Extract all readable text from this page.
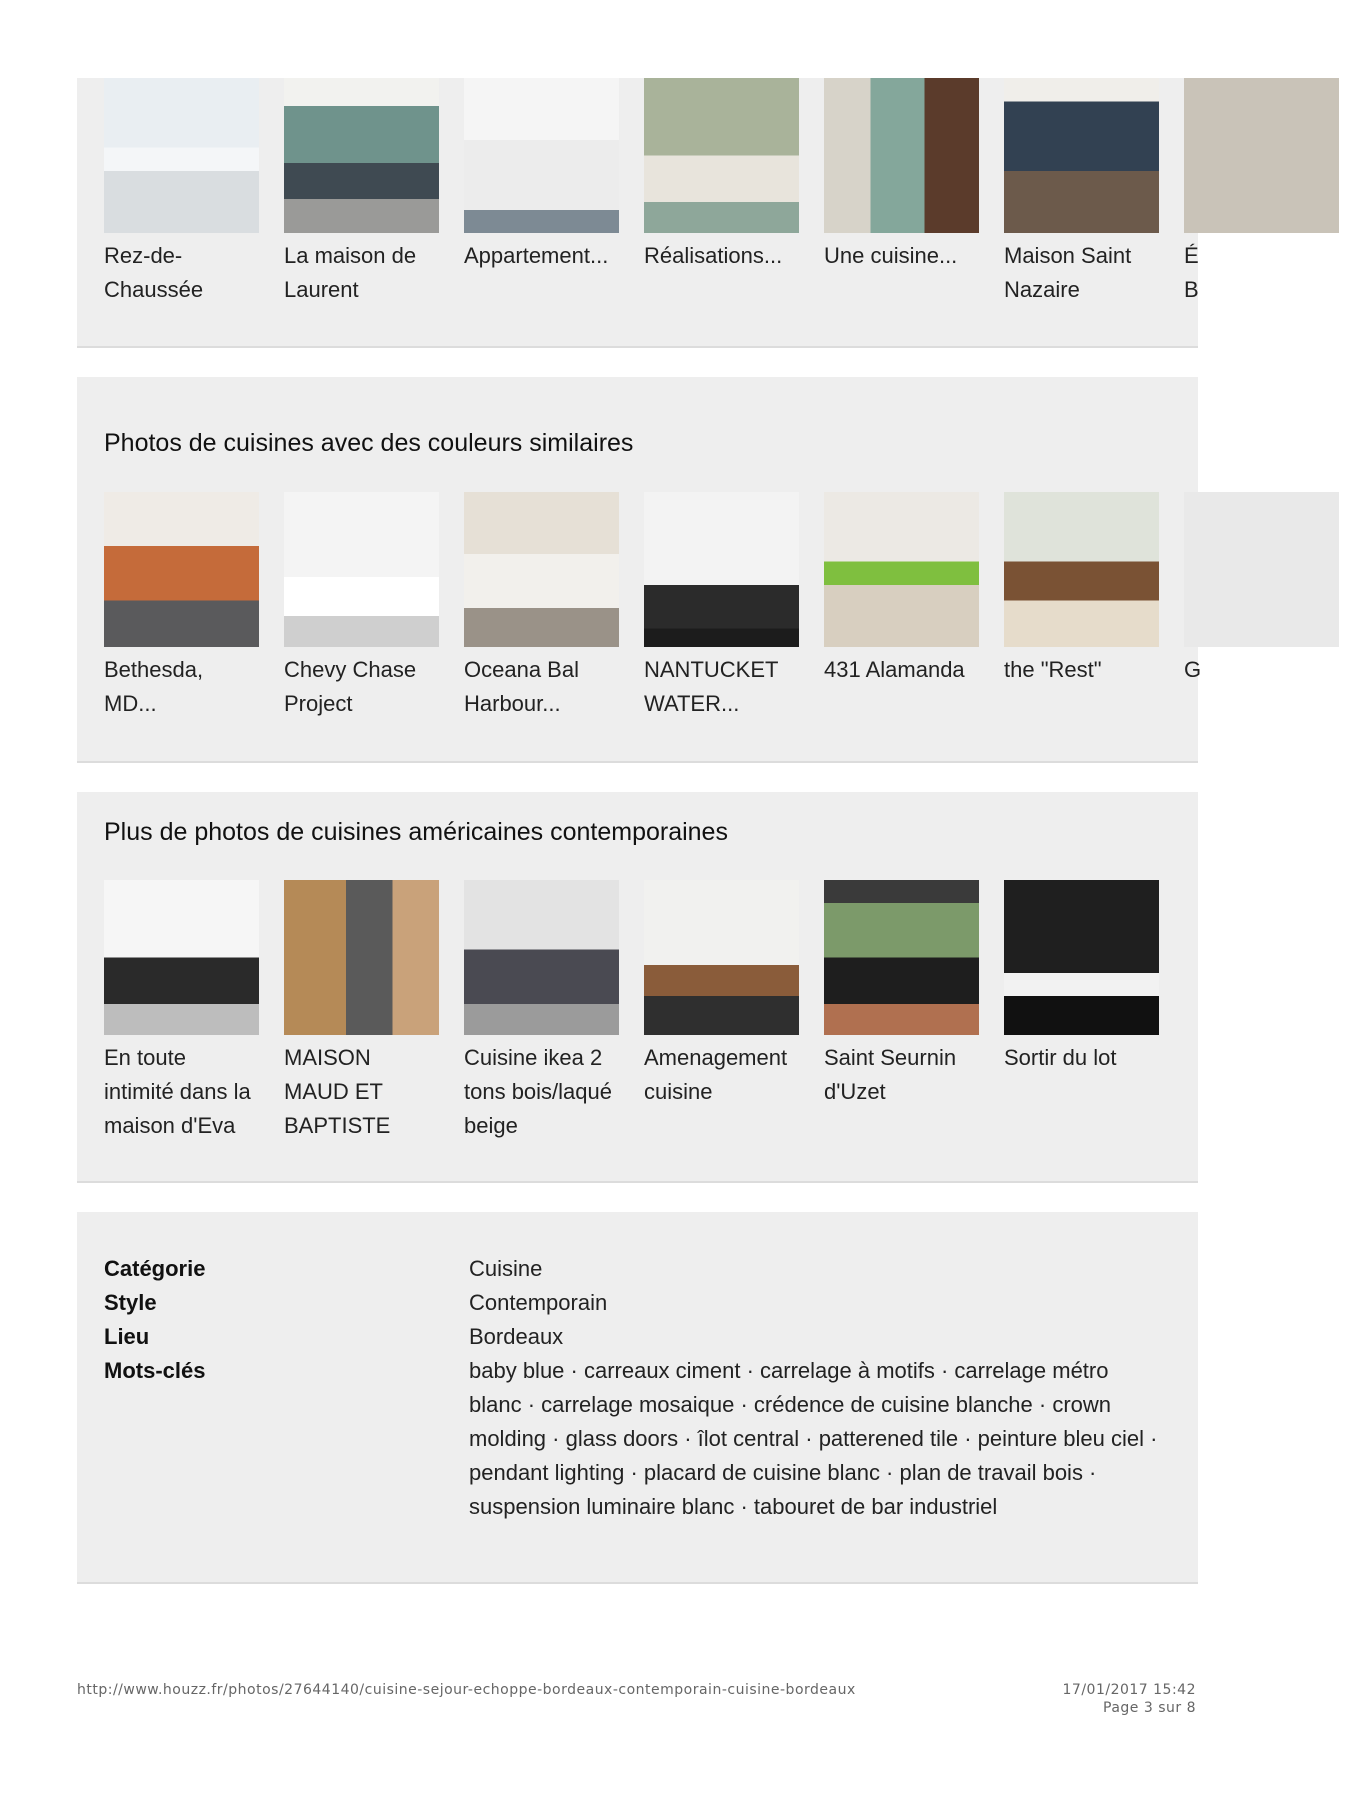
Rez-de-
Chaussée
La maison de
Laurent
Appartement...	Réalisations...	Une cuisine...	Maison Saint
Nazaire
É
B
Photos de cuisines avec des couleurs similaires
Bethesda,
MD...
Chevy Chase
Project
Oceana Bal
Harbour...
NANTUCKET
WATER...
431 Alamanda	the "Rest"	G
Plus de photos de cuisines américaines contemporaines
En toute
intimité dans la
maison d'Eva
MAISON
MAUD ET
BAPTISTE
Cuisine ikea 2
tons bois/laqué
beige
Amenagement
cuisine
Saint Seurnin
d'Uzet
Sortir du lot
Catégorie	Cuisine
Style	Contemporain
Lieu	Bordeaux
Mots-clés	baby blue · carreaux ciment · carrelage à motifs · carrelage métro blanc · carrelage mosaique · crédence de cuisine blanche · crown molding · glass doors · îlot central · patterened tile · peinture bleu ciel · pendant lighting · placard de cuisine blanc · plan de travail bois · suspension luminaire blanc · tabouret de bar industriel
http://www.houzz.fr/photos/27644140/cuisine-sejour-echoppe-bordeaux-contemporain-cuisine-bordeaux	17/01/2017 15:42
Page 3 sur 8
